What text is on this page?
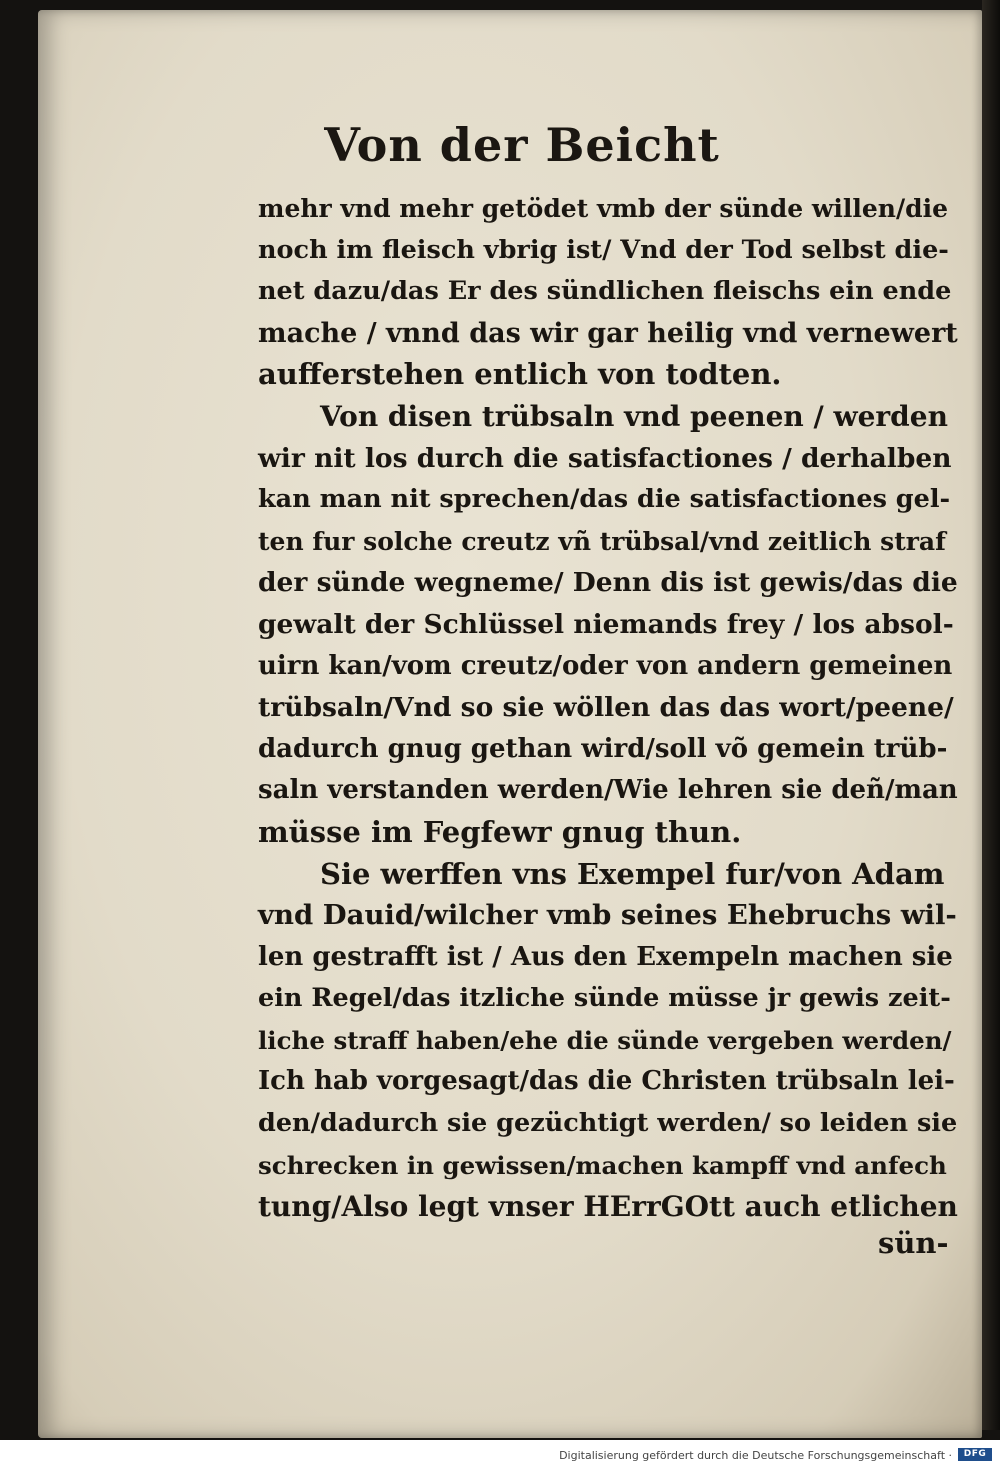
Von der Beicht
mehr vnd mehr getödet vmb der sünde willen/die
noch im fleisch vbrig ist/ Vnd der Tod selbst die-
net dazu/das Er des sündlichen fleischs ein ende
mache / vnnd das wir gar heilig vnd vernewert
aufferstehen entlich von todten.
Von disen trübsaln vnd peenen / werden
wir nit los durch die satisfactiones / derhalben
kan man nit sprechen/das die satisfactiones gel-
ten fur solche creutz vñ trübsal/vnd zeitlich straf
der sünde wegneme/ Denn dis ist gewis/das die
gewalt der Schlüssel niemands frey / los absol-
uirn kan/vom creutz/oder von andern gemeinen
trübsaln/Vnd so sie wöllen das das wort/peene/
dadurch gnug gethan wird/soll võ gemein trüb-
saln verstanden werden/Wie lehren sie deñ/man
müsse im Fegfewr gnug thun.
Sie werffen vns Exempel fur/von Adam
vnd Dauid/wilcher vmb seines Ehebruchs wil-
len gestrafft ist / Aus den Exempeln machen sie
ein Regel/das itzliche sünde müsse jr gewis zeit-
liche straff haben/ehe die sünde vergeben werden/
Ich hab vorgesagt/das die Christen trübsaln lei-
den/dadurch sie gezüchtigt werden/ so leiden sie
schrecken in gewissen/machen kampff vnd anfech
tung/Also legt vnser HErrGOtt auch etlichen
sün-
Digitalisierung gefördert durch die Deutsche Forschungsgemeinschaft ·	DFG
